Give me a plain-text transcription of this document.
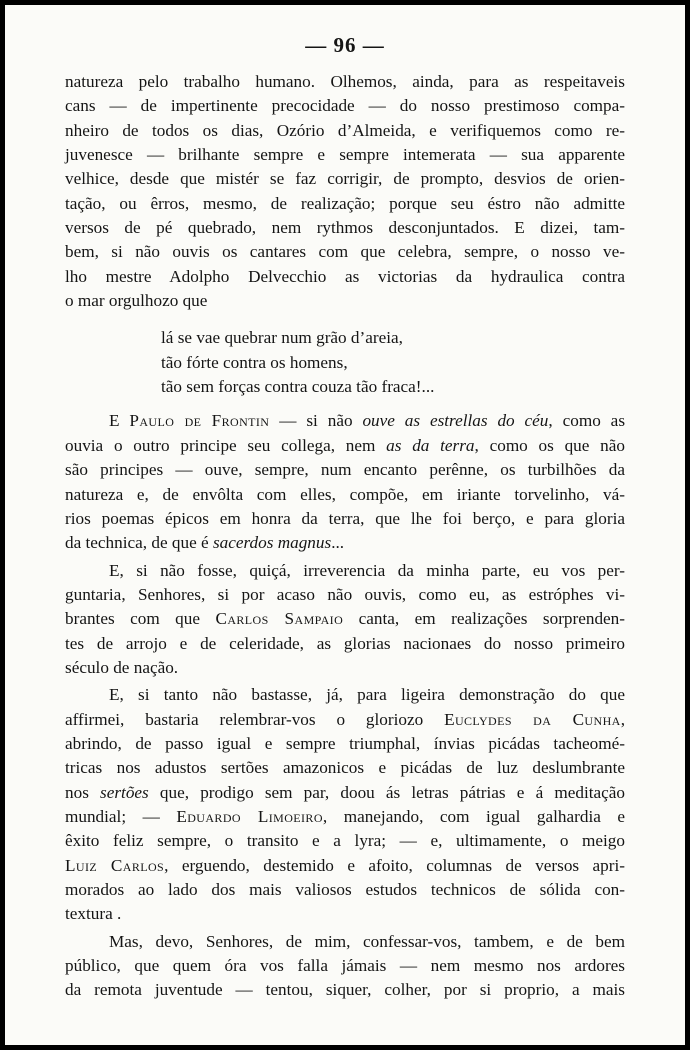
— 96 —
natureza pelo trabalho humano. Olhemos, ainda, para as respeitaveis
cans — de impertinente precocidade — do nosso prestimoso compa-
nheiro de todos os dias, Ozório d’Almeida, e verifiquemos como re-
juvenesce — brilhante sempre e sempre intemerata — sua apparente
velhice, desde que mistér se faz corrigir, de prompto, desvios de orien-
tação, ou êrros, mesmo, de realização; porque seu éstro não admitte
versos de pé quebrado, nem rythmos desconjuntados. E dizei, tam-
bem, si não ouvis os cantares com que celebra, sempre, o nosso ve-
lho mestre Adolpho Delvecchio as victorias da hydraulica contra
o mar orgulhozo que
lá se vae quebrar num grão d’areia,
tão fórte contra os homens,
tão sem forças contra couza tão fraca!...
E Paulo de Frontin — si não ouve as estrellas do céu, como as
ouvia o outro principe seu collega, nem as da terra, como os que não
são principes — ouve, sempre, num encanto perênne, os turbilhões da
natureza e, de envôlta com elles, compõe, em iriante torvelinho, vá-
rios poemas épicos em honra da terra, que lhe foi berço, e para gloria
da technica, de que é sacerdos magnus...
E, si não fosse, quiçá, irreverencia da minha parte, eu vos per-
guntaria, Senhores, si por acaso não ouvis, como eu, as estróphes vi-
brantes com que Carlos Sampaio canta, em realizações sorprenden-
tes de arrojo e de celeridade, as glorias nacionaes do nosso primeiro
século de nação.
E, si tanto não bastasse, já, para ligeira demonstração do que
affirmei, bastaria relembrar-vos o gloriozo Euclydes da Cunha,
abrindo, de passo igual e sempre triumphal, ínvias picádas tacheomé-
tricas nos adustos sertões amazonicos e picádas de luz deslumbrante
nos sertões que, prodigo sem par, doou ás letras pátrias e á meditação
mundial; — Eduardo Limoeiro, manejando, com igual galhardia e
êxito feliz sempre, o transito e a lyra; — e, ultimamente, o meigo
Luiz Carlos, erguendo, destemido e afoito, columnas de versos apri-
morados ao lado dos mais valiosos estudos technicos de sólida con-
textura .
Mas, devo, Senhores, de mim, confessar-vos, tambem, e de bem
público, que quem óra vos falla jámais — nem mesmo nos ardores
da remota juventude — tentou, siquer, colher, por si proprio, a mais
